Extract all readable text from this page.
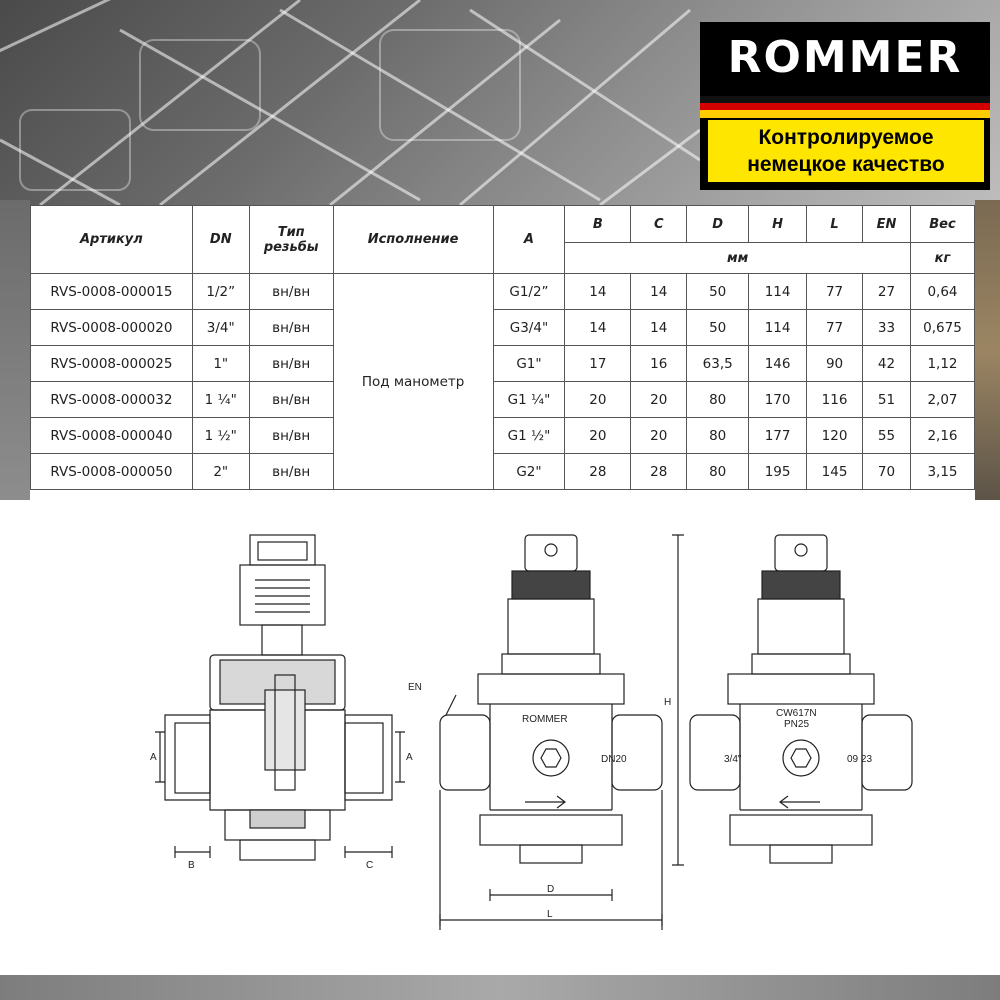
ROMMER
Контролируемое
немецкое качество
Артикул	DN	Тип резьбы	Исполнение	A	B	C	D	H	L	EN	Вес
					мм						кг
RVS-0008-000015	1/2”	вн/вн	Под манометр	G1/2”	14	14	50	114	77	27	0,64
RVS-0008-000020	3/4"	вн/вн		G3/4"	14	14	50	114	77	33	0,675
RVS-0008-000025	1"	вн/вн		G1"	17	16	63,5	146	90	42	1,12
RVS-0008-000032	1 ¼"	вн/вн		G1 ¼"	20	20	80	170	116	51	2,07
RVS-0008-000040	1 ½"	вн/вн		G1 ½"	20	20	80	177	120	55	2,16
RVS-0008-000050	2"	вн/вн		G2"	28	28	80	195	145	70	3,15
A	A
B	C
EN
H
D
L
ROMMER
DN20
CW617N
PN25
3/4"	09 23
